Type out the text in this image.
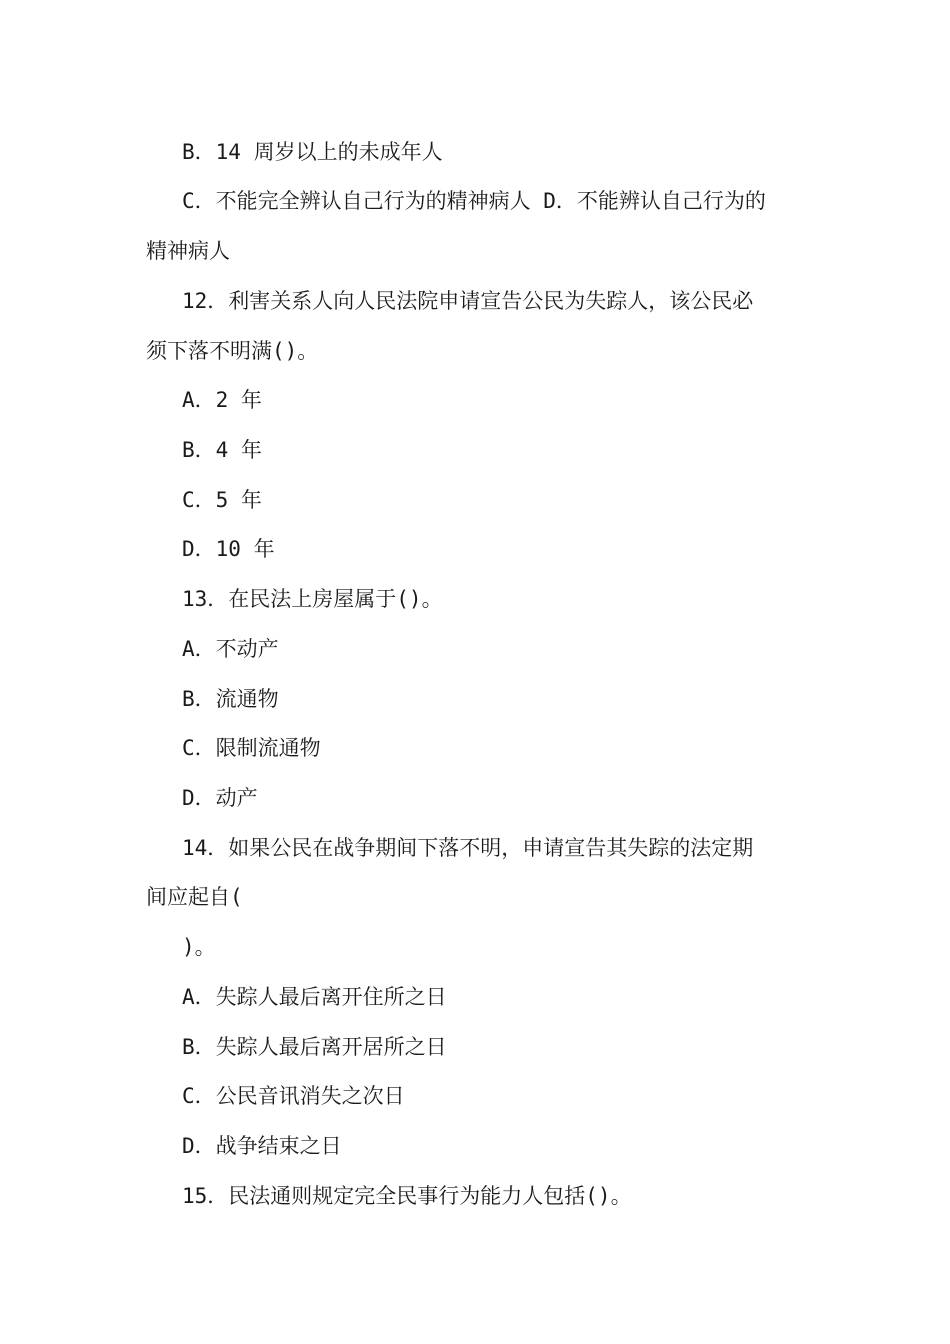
B．14 周岁以上的未成年人
C．不能完全辨认自己行为的精神病人 D．不能辨认自己行为的
精神病人
12．利害关系人向人民法院申请宣告公民为失踪人，该公民必
须下落不明满()。
A．2 年
B．4 年
C．5 年
D．10 年
13．在民法上房屋属于()。
A．不动产
B．流通物
C．限制流通物
D．动产
14．如果公民在战争期间下落不明，申请宣告其失踪的法定期
间应起自(
)。
A．失踪人最后离开住所之日
B．失踪人最后离开居所之日
C．公民音讯消失之次日
D．战争结束之日
15．民法通则规定完全民事行为能力人包括()。
